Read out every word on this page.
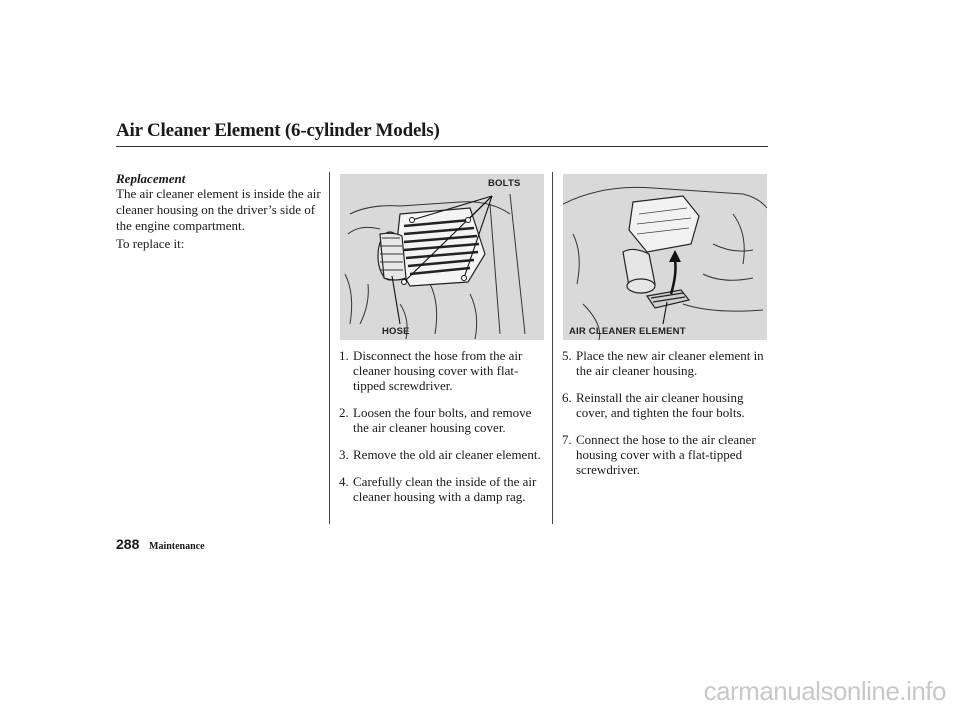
Air Cleaner Element (6-cylinder Models)
Replacement

The air cleaner element is inside the air cleaner housing on the driver’s side of the engine compartment.

To replace it:

BOLTS
HOSE	AIR CLEANER ELEMENT
1. Disconnect the hose from the air cleaner housing cover with flat-tipped screwdriver.
2. Loosen the four bolts, and remove the air cleaner housing cover.
3. Remove the old air cleaner element.
4. Carefully clean the inside of the air cleaner housing with a damp rag.
5. Place the new air cleaner element in the air cleaner housing.
6. Reinstall the air cleaner housing cover, and tighten the four bolts.
7. Connect the hose to the air cleaner housing cover with a flat-tipped screwdriver.
288 Maintenance
carmanualsonline.info
